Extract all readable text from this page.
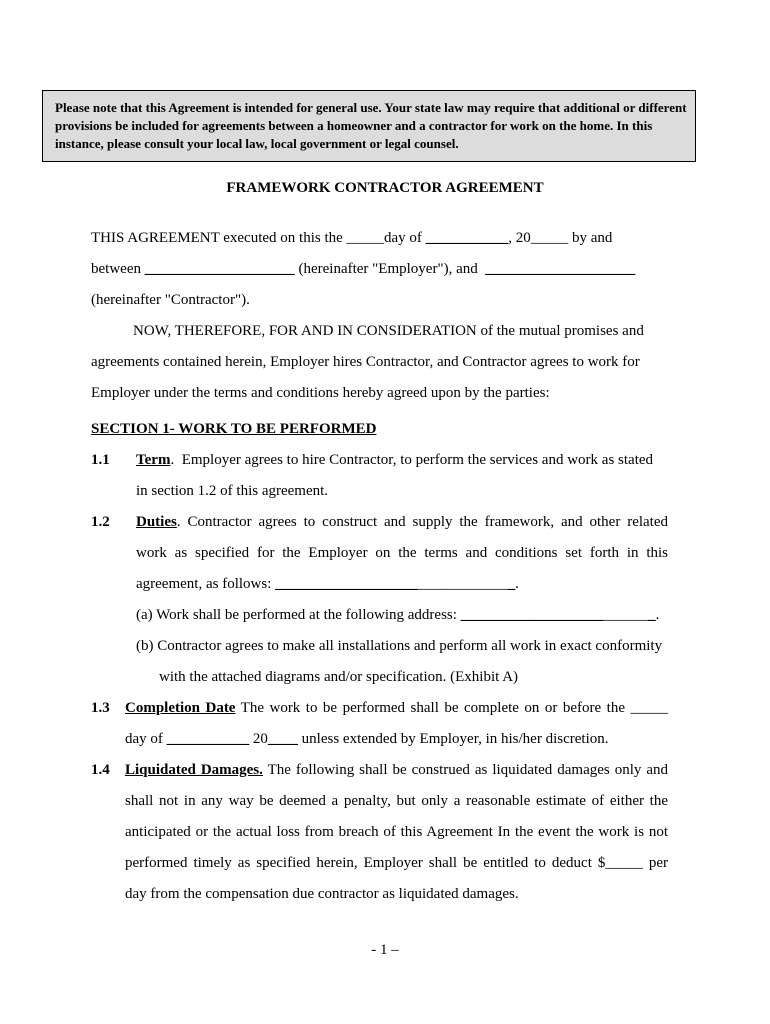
Please note that this Agreement is intended for general use. Your state law may require that additional or different provisions be included for agreements between a homeowner and a contractor for work on the home. In this instance, please consult your local law, local government or legal counsel.
FRAMEWORK CONTRACTOR AGREEMENT
THIS AGREEMENT executed on this the _____day of ___________, 20_____ by and
between ____________________ (hereinafter "Employer"), and  ____________________
(hereinafter "Contractor").
NOW, THEREFORE, FOR AND IN CONSIDERATION of the mutual promises and
agreements contained herein, Employer hires Contractor, and Contractor agrees to work for
Employer under the terms and conditions hereby agreed upon by the parties:
SECTION 1- WORK TO BE PERFORMED
1.1 Term.  Employer agrees to hire Contractor, to perform the services and work as stated
in section 1.2 of this agreement.
1.2 Duties. Contractor agrees to construct and supply the framework, and other related
work as specified for the Employer on the terms and conditions set forth in this
agreement, as follows: ________________________________.
(a) Work shall be performed at the following address: __________________________.
(b) Contractor agrees to make all installations and perform all work in exact conformity
with the attached diagrams and/or specification. (Exhibit A)
1.3 Completion Date The work to be performed shall be complete on or before the _____
day of ___________ 20____ unless extended by Employer, in his/her discretion.
1.4 Liquidated Damages. The following shall be construed as liquidated damages only and
shall not in any way be deemed a penalty, but only a reasonable estimate of either the
anticipated or the actual loss from breach of this Agreement In the event the work is not
performed timely as specified herein, Employer shall be entitled to deduct $_____ per
day from the compensation due contractor as liquidated damages.
- 1 –
